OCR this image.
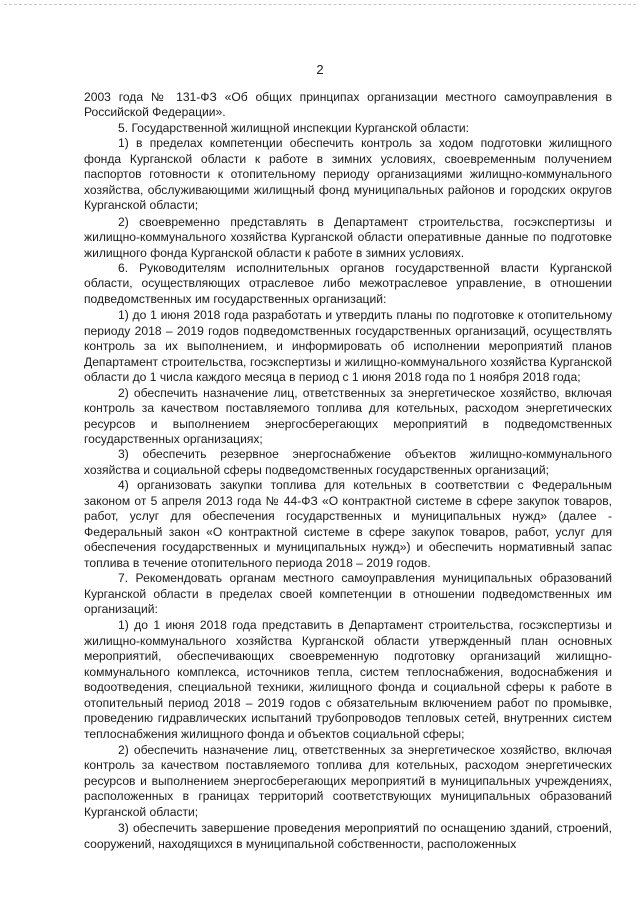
2

2003 года № 131-ФЗ «Об общих принципах организации местного самоуправления в Российской Федерации».

5. Государственной жилищной инспекции Курганской области:

1) в пределах компетенции обеспечить контроль за ходом подготовки жилищного фонда Курганской области к работе в зимних условиях, своевременным получением паспортов готовности к отопительному периоду организациями жилищно-коммунального хозяйства, обслуживающими жилищный фонд муниципальных районов и городских округов Курганской области;

2) своевременно представлять в Департамент строительства, госэкспертизы и жилищно-коммунального хозяйства Курганской области оперативные данные по подготовке жилищного фонда Курганской области к работе в зимних условиях.

6. Руководителям исполнительных органов государственной власти Курганской области, осуществляющих отраслевое либо межотраслевое управление, в отношении подведомственных им государственных организаций:

1) до 1 июня 2018 года разработать и утвердить планы по подготовке к отопительному периоду 2018 – 2019 годов подведомственных государственных организаций, осуществлять контроль за их выполнением, и информировать об исполнении мероприятий планов Департамент строительства, госэкспертизы и жилищно-коммунального хозяйства Курганской области до 1 числа каждого месяца в период с 1 июня 2018 года по 1 ноября 2018 года;

2) обеспечить назначение лиц, ответственных за энергетическое хозяйство, включая контроль за качеством поставляемого топлива для котельных, расходом энергетических ресурсов и выполнением энергосберегающих мероприятий в подведомственных государственных организациях;

3) обеспечить резервное энергоснабжение объектов жилищно-коммунального хозяйства и социальной сферы подведомственных государственных организаций;

4) организовать закупки топлива для котельных в соответствии с Федеральным законом от 5 апреля 2013 года № 44-ФЗ «О контрактной системе в сфере закупок товаров, работ, услуг для обеспечения государственных и муниципальных нужд» (далее - Федеральный закон «О контрактной системе в сфере закупок товаров, работ, услуг для обеспечения государственных и муниципальных нужд») и обеспечить нормативный запас топлива в течение отопительного периода 2018 – 2019 годов.

7. Рекомендовать органам местного самоуправления муниципальных образований Курганской области в пределах своей компетенции в отношении подведомственных им организаций:

1) до 1 июня 2018 года представить в Департамент строительства, госэкспертизы и жилищно-коммунального хозяйства Курганской области утвержденный план основных мероприятий, обеспечивающих своевременную подготовку организаций жилищно-коммунального комплекса, источников тепла, систем теплоснабжения, водоснабжения и водоотведения, специальной техники, жилищного фонда и социальной сферы к работе в отопительный период 2018 – 2019 годов с обязательным включением работ по промывке, проведению гидравлических испытаний трубопроводов тепловых сетей, внутренних систем теплоснабжения жилищного фонда и объектов социальной сферы;

2) обеспечить назначение лиц, ответственных за энергетическое хозяйство, включая контроль за качеством поставляемого топлива для котельных, расходом энергетических ресурсов и выполнением энергосберегающих мероприятий в муниципальных учреждениях, расположенных в границах территорий соответствующих муниципальных образований Курганской области;

3) обеспечить завершение проведения мероприятий по оснащению зданий, строений, сооружений, находящихся в муниципальной собственности, расположенных
